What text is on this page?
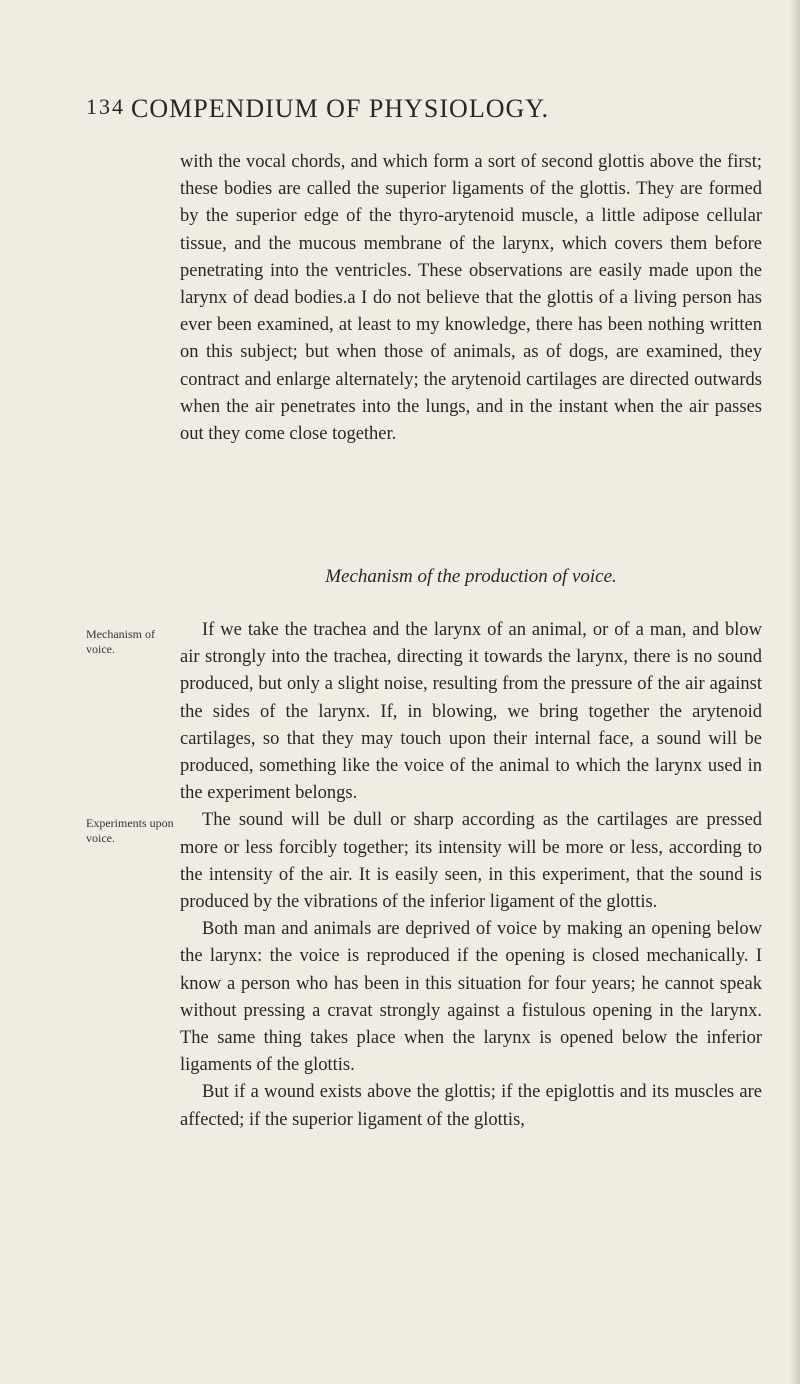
134 COMPENDIUM OF PHYSIOLOGY.

with the vocal chords, and which form a sort of second glottis above the first; these bodies are called the superior ligaments of the glottis. They are formed by the superior edge of the thyro-arytenoid muscle, a little adipose cellular tissue, and the mucous membrane of the larynx, which covers them before penetrating into the ventricles. These observations are easily made upon the larynx of dead bodies.a I do not believe that the glottis of a living person has ever been examined, at least to my knowledge, there has been nothing written on this subject; but when those of animals, as of dogs, are examined, they contract and enlarge alternately; the arytenoid cartilages are directed outwards when the air penetrates into the lungs, and in the instant when the air passes out they come close together.

Mechanism of the production of voice.
Mechanism of voice.
Experiments upon voice.

If we take the trachea and the larynx of an animal, or of a man, and blow air strongly into the trachea, directing it towards the larynx, there is no sound produced, but only a slight noise, resulting from the pressure of the air against the sides of the larynx. If, in blowing, we bring together the arytenoid cartilages, so that they may touch upon their internal face, a sound will be produced, something like the voice of the animal to which the larynx used in the experiment belongs.

The sound will be dull or sharp according as the cartilages are pressed more or less forcibly together; its intensity will be more or less, according to the intensity of the air. It is easily seen, in this experiment, that the sound is produced by the vibrations of the inferior ligament of the glottis.

Both man and animals are deprived of voice by making an opening below the larynx: the voice is reproduced if the opening is closed mechanically. I know a person who has been in this situation for four years; he cannot speak without pressing a cravat strongly against a fistulous opening in the larynx. The same thing takes place when the larynx is opened below the inferior ligaments of the glottis.

But if a wound exists above the glottis; if the epiglottis and its muscles are affected; if the superior ligament of the glottis,
